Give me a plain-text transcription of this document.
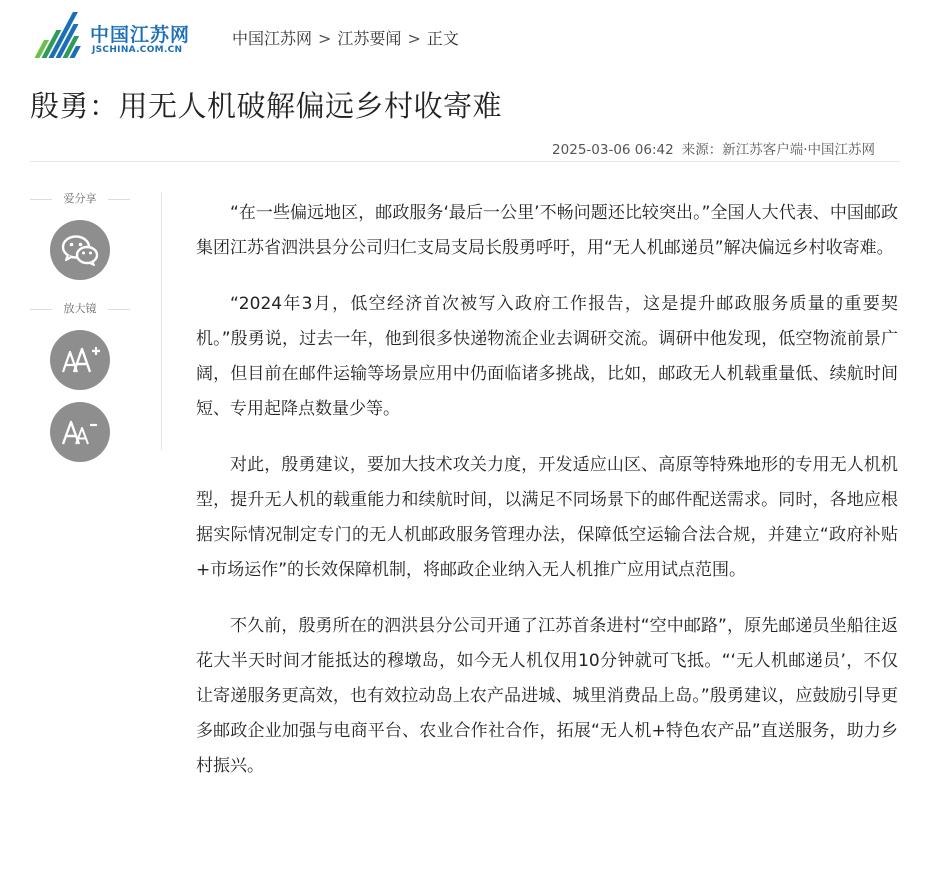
中国江苏网
JSCHINA.COM.CN
中国江苏网 > 江苏要闻 > 正文
殷勇：用无人机破解偏远乡村收寄难
2025-03-06 06:42 来源：新江苏客户端·中国江苏网
爱分享
放大镜

“在一些偏远地区，邮政服务‘最后一公里’不畅问题还比较突出。”全国人大代表、中国邮政集团江苏省泗洪县分公司归仁支局支局长殷勇呼吁，用“无人机邮递员”解决偏远乡村收寄难。

“2024年3月，低空经济首次被写入政府工作报告，这是提升邮政服务质量的重要契机。”殷勇说，过去一年，他到很多快递物流企业去调研交流。调研中他发现，低空物流前景广阔，但目前在邮件运输等场景应用中仍面临诸多挑战，比如，邮政无人机载重量低、续航时间短、专用起降点数量少等。

对此，殷勇建议，要加大技术攻关力度，开发适应山区、高原等特殊地形的专用无人机机型，提升无人机的载重能力和续航时间，以满足不同场景下的邮件配送需求。同时，各地应根据实际情况制定专门的无人机邮政服务管理办法，保障低空运输合法合规，并建立“政府补贴+市场运作”的长效保障机制，将邮政企业纳入无人机推广应用试点范围。

不久前，殷勇所在的泗洪县分公司开通了江苏首条进村“空中邮路”，原先邮递员坐船往返花大半天时间才能抵达的穆墩岛，如今无人机仅用10分钟就可飞抵。“‘无人机邮递员’，不仅让寄递服务更高效，也有效拉动岛上农产品进城、城里消费品上岛。”殷勇建议，应鼓励引导更多邮政企业加强与电商平台、农业合作社合作，拓展“无人机+特色农产品”直送服务，助力乡村振兴。
